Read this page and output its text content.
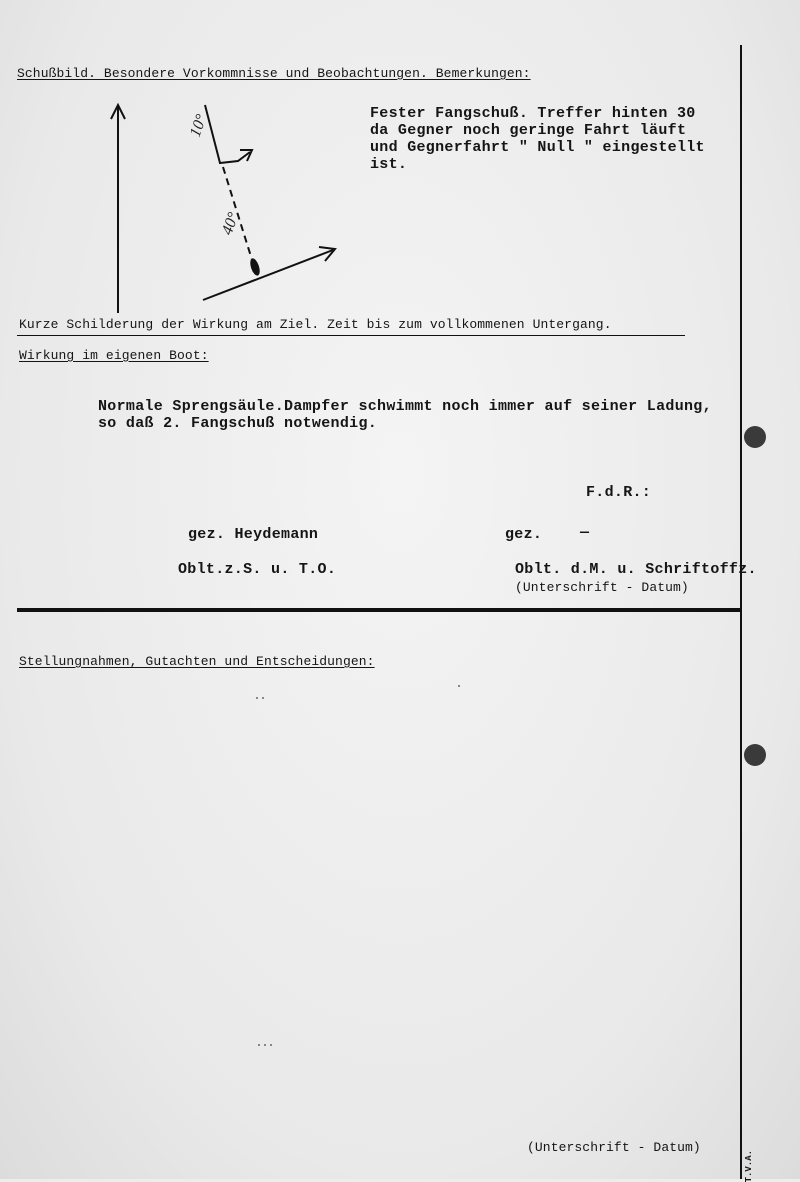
Schußbild. Besondere Vorkommnisse und Beobachtungen. Bemerkungen:
10°
40°
Fester Fangschuß. Treffer hinten 30
da Gegner noch geringe Fahrt läuft
und Gegnerfahrt " Null " eingestellt
ist.
Kurze Schilderung der Wirkung am Ziel. Zeit bis zum vollkommenen Untergang.
Wirkung im eigenen Boot:
Normale Sprengsäule.Dampfer schwimmt noch immer auf seiner Ladung,
so daß 2. Fangschuß notwendig.
F.d.R.:
gez. Heydemann
Oblt.z.S. u. T.O.
gez.	—
Oblt. d.M. u. Schriftoffz.
(Unterschrift - Datum)
Stellungnahmen, Gutachten und Entscheidungen:
(Unterschrift - Datum)
T.V.A.
